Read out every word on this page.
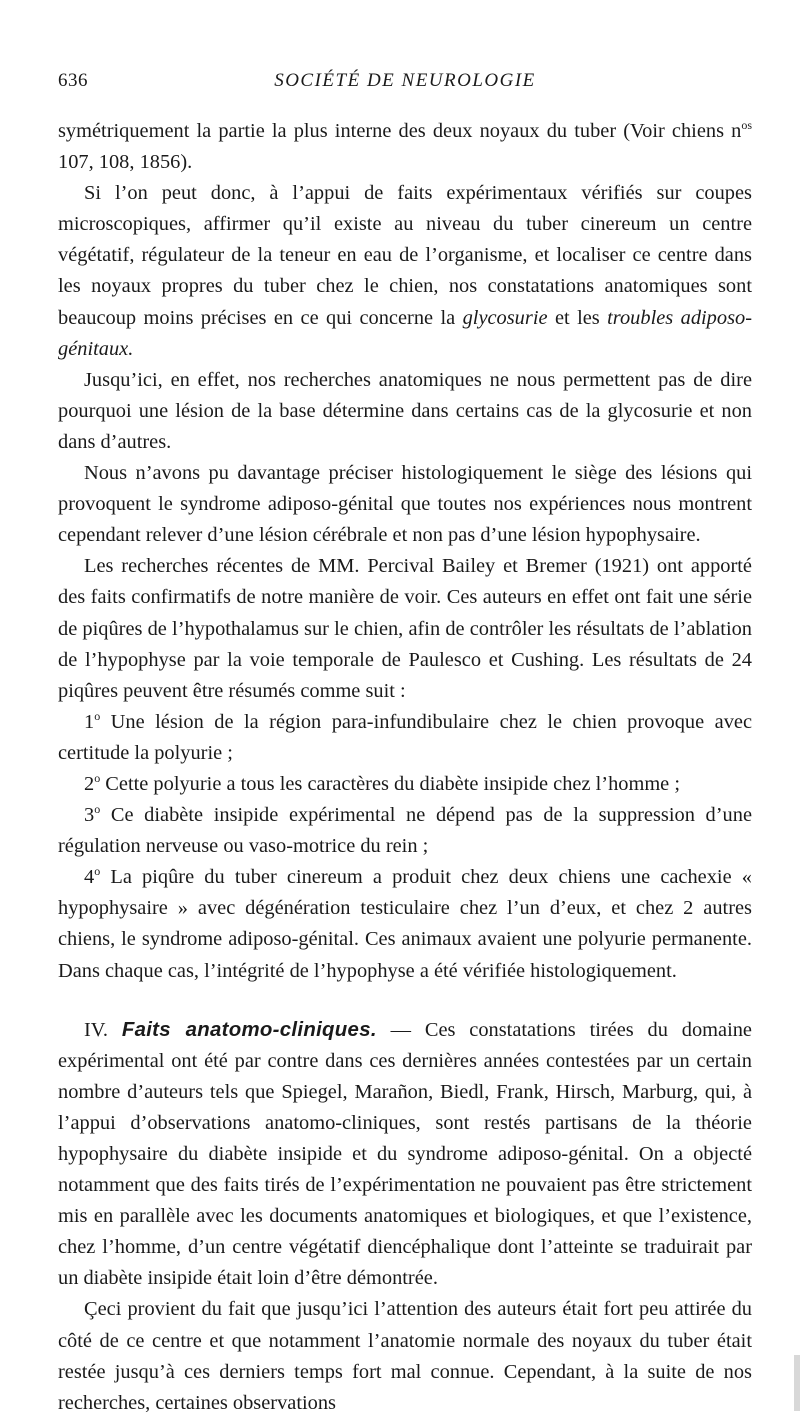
636	SOCIÉTÉ DE NEUROLOGIE

symétriquement la partie la plus interne des deux noyaux du tuber (Voir chiens $n^{os}$ 107, 108, 1856).

Si l’on peut donc, à l’appui de faits expérimentaux vérifiés sur coupes microscopiques, affirmer qu’il existe au niveau du tuber cinereum un centre végétatif, régulateur de la teneur en eau de l’organisme, et localiser ce centre dans les noyaux propres du tuber chez le chien, nos constatations anatomiques sont beaucoup moins précises en ce qui concerne la glycosurie et les troubles adiposo-génitaux.

Jusqu’ici, en effet, nos recherches anatomiques ne nous permettent pas de dire pourquoi une lésion de la base détermine dans certains cas de la glycosurie et non dans d’autres.

Nous n’avons pu davantage préciser histologiquement le siège des lésions qui provoquent le syndrome adiposo-génital que toutes nos expériences nous montrent cependant relever d’une lésion cérébrale et non pas d’une lésion hypophysaire.

Les recherches récentes de MM. Percival Bailey et Bremer (1921) ont apporté des faits confirmatifs de notre manière de voir. Ces auteurs en effet ont fait une série de piqûres de l’hypothalamus sur le chien, afin de contrôler les résultats de l’ablation de l’hypophyse par la voie temporale de Paulesco et Cushing. Les résultats de 24 piqûres peuvent être résumés comme suit :

1$^o$ Une lésion de la région para-infundibulaire chez le chien provoque avec certitude la polyurie ;

2$^o$ Cette polyurie a tous les caractères du diabète insipide chez l’homme ;

3$^o$ Ce diabète insipide expérimental ne dépend pas de la suppression d’une régulation nerveuse ou vaso-motrice du rein ;

4$^o$ La piqûre du tuber cinereum a produit chez deux chiens une cachexie « hypophysaire » avec dégénération testiculaire chez l’un d’eux, et chez 2 autres chiens, le syndrome adiposo-génital. Ces animaux avaient une polyurie permanente. Dans chaque cas, l’intégrité de l’hypophyse a été vérifiée histologiquement.

IV. Faits anatomo-cliniques. — Ces constatations tirées du domaine expérimental ont été par contre dans ces dernières années contestées par un certain nombre d’auteurs tels que Spiegel, Marañon, Biedl, Frank, Hirsch, Marburg, qui, à l’appui d’observations anatomo-cliniques, sont restés partisans de la théorie hypophysaire du diabète insipide et du syndrome adiposo-génital. On a objecté notamment que des faits tirés de l’expérimentation ne pouvaient pas être strictement mis en parallèle avec les documents anatomiques et biologiques, et que l’existence, chez l’homme, d’un centre végétatif diencéphalique dont l’atteinte se traduirait par un diabète insipide était loin d’être démontrée.

Çeci provient du fait que jusqu’ici l’attention des auteurs était fort peu attirée du côté de ce centre et que notamment l’anatomie normale des noyaux du tuber était restée jusqu’à ces derniers temps fort mal connue. Cependant, à la suite de nos recherches, certaines observations
